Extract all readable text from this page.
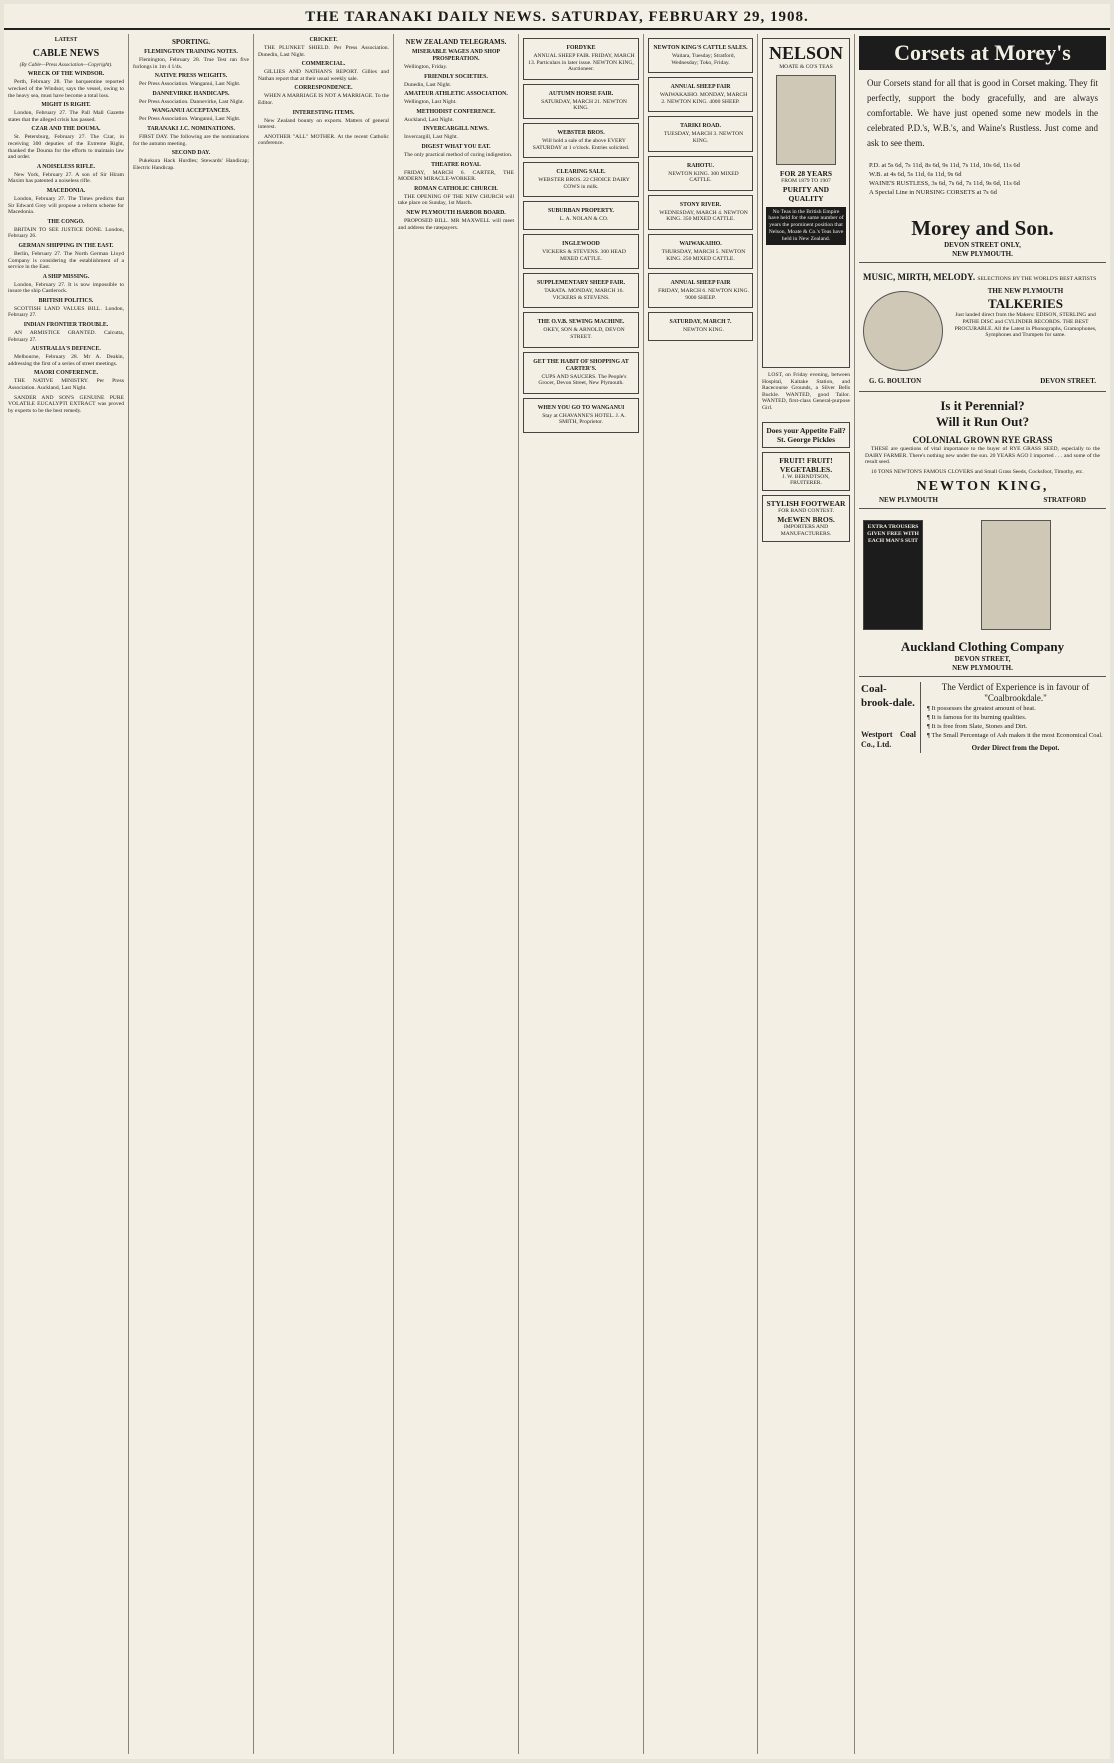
THE TARANAKI DAILY NEWS. SATURDAY, FEBRUARY 29, 1908.
LATEST
CABLE NEWS

(By Cable—Press Association—Copyright).

WRECK OF THE WINDSOR.

Perth, February 28. The barquentine reported wrecked of the Windsor, says the vessel, owing to the heavy sea, must have become a total loss.

MIGHT IS RIGHT.

London, February 27. The Pall Mall Gazette states that the alleged crisis has passed.

CZAR AND THE DOUMA.

St. Petersburg, February 27. The Czar, in receiving 300 deputies of the Extreme Right, thanked the Douma for the efforts to maintain law and order.

A NOISELESS RIFLE.

New York, February 27. A son of Sir Hiram Maxim has patented a noiseless rifle.

MACEDONIA.

London, February 27. The Times predicts that Sir Edward Grey will propose a reform scheme for Macedonia.

THE CONGO.

BRITAIN TO SEE JUSTICE DONE. London, February 26.

GERMAN SHIPPING IN THE EAST.

Berlin, February 27. The North German Lloyd Company is considering the establishment of a service in the East.

A SHIP MISSING.

London, February 27. It is now impossible to insure the ship Castlerock.

BRITISH POLITICS.

SCOTTISH LAND VALUES BILL. London, February 27.

INDIAN FRONTIER TROUBLE.

AN ARMISTICE GRANTED. Calcutta, February 27.

AUSTRALIA'S DEFENCE.

Melbourne, February 28. Mr A. Deakin, addressing the first of a series of street meetings.

MAORI CONFERENCE.

THE NATIVE MINISTRY. Per Press Association. Auckland, Last Night.

SANDER AND SON'S GENUINE PURE VOLATILE EUCALYPTI EXTRACT was proved by experts to be the best remedy.

SPORTING.
FLEMINGTON TRAINING NOTES.

Flemington, February 28. True Test ran five furlongs in 1m 4 1/4s.

NATIVE PRESS WEIGHTS.

Per Press Association. Wanganui, Last Night.

DANNEVIRKE HANDICAPS.

Per Press Association. Dannevirke, Last Night.

WANGANUI ACCEPTANCES.

Per Press Association. Wanganui, Last Night.

TARANAKI J.C. NOMINATIONS.

FIRST DAY. The following are the nominations for the autumn meeting.

SECOND DAY.

Pukekura Hack Hurdles; Stewards' Handicap; Electric Handicap.

CRICKET.

THE PLUNKET SHIELD. Per Press Association. Dunedin, Last Night.

COMMERCIAL.

GILLIES AND NATHAN'S REPORT. Gillies and Nathan report that at their usual weekly sale.

CORRESPONDENCE.

WHEN A MARRIAGE IS NOT A MARRIAGE. To the Editor.

INTERESTING ITEMS.

New Zealand bounty on exports. Matters of general interest.

ANOTHER "ALL" MOTHER. At the recent Catholic conference.

NEW ZEALAND TELEGRAMS.
MISERABLE WAGES AND SHOP PROSPERATION.

Wellington, Friday.

FRIENDLY SOCIETIES.

Dunedin, Last Night.

AMATEUR ATHLETIC ASSOCIATION.

Wellington, Last Night.

METHODIST CONFERENCE.

Auckland, Last Night.

INVERCARGILL NEWS.

Invercargill, Last Night.

DIGEST WHAT YOU EAT.

The only practical method of curing indigestion.

THEATRE ROYAL

FRIDAY, MARCH 6. CARTER, THE MODERN MIRACLE-WORKER.

ROMAN CATHOLIC CHURCH.

THE OPENING OF THE NEW CHURCH will take place on Sunday, 1st March.

NEW PLYMOUTH HARBOR BOARD.

PROPOSED BILL. MR MAXWELL will meet and address the ratepayers.

FORDYKE

ANNUAL SHEEP FAIR. FRIDAY, MARCH 13. Particulars in later issue. NEWTON KING, Auctioneer.

AUTUMN HORSE FAIR.

SATURDAY, MARCH 21. NEWTON KING.

WEBSTER BROS.

Will hold a sale of the above EVERY SATURDAY at 1 o'clock. Entries solicited.

CLEARING SALE.

WEBSTER BROS. 22 CHOICE DAIRY COWS in milk.

SUBURBAN PROPERTY.

L. A. NOLAN & CO.

INGLEWOOD

VICKERS & STEVENS. 300 HEAD MIXED CATTLE.

SUPPLEMENTARY SHEEP FAIR.

TARATA. MONDAY, MARCH 16. VICKERS & STEVENS.

THE O.V.B. SEWING MACHINE.

OKEY, SON & ARNOLD, DEVON STREET.

GET THE HABIT OF SHOPPING AT CARTER'S.

CUPS AND SAUCERS. The People's Grocer, Devon Street, New Plymouth.

WHEN YOU GO TO WANGANUI

Stay at CHAVANNE'S HOTEL. J. A. SMITH, Proprietor.

NEWTON KING'S CATTLE SALES.

Waitara, Tuesday; Stratford, Wednesday; Toko, Friday.

ANNUAL SHEEP FAIR

WAIWAKAIHO. MONDAY, MARCH 2. NEWTON KING. 4000 SHEEP.

TARIKI ROAD.

TUESDAY, MARCH 3. NEWTON KING.

RAHOTU.

NEWTON KING. 300 MIXED CATTLE.

STONY RIVER.

WEDNESDAY, MARCH 4. NEWTON KING. 350 MIXED CATTLE.

WAIWAKAIHO.

THURSDAY, MARCH 5. NEWTON KING. 250 MIXED CATTLE.

ANNUAL SHEEP FAIR

FRIDAY, MARCH 6. NEWTON KING. 9000 SHEEP.

SATURDAY, MARCH 7.

NEWTON KING.

NELSON
MOATE & CO'S TEAS
FOR 28 YEARS
FROM 1879 TO 1907
PURITY AND QUALITY
No Teas in the British Empire have held for the same number of years the prominent position that Nelson, Moate & Co.'s Teas have held in New Zealand.

LOST, on Friday evening, between Hospital, Kaitake Station, and Racecourse Grounds, a Silver Bells Buckle. WANTED, good Tailor. WANTED, first-class General-purpose Girl.

Does your Appetite Fail?
St. George Pickles
FRUIT! FRUIT! VEGETABLES.
J. W. BERNDTSON, FRUITERER.
STYLISH FOOTWEAR
FOR BAND CONTEST.
McEWEN BROS.
IMPORTERS AND MANUFACTURERS.
Corsets at Morey's
Our Corsets stand for all that is good in Corset making. They fit perfectly, support the body gracefully, and are always comfortable. We have just opened some new models in the celebrated P.D.'s, W.B.'s, and Waine's Rustless. Just come and ask to see them.
P.D. at 5s 6d, 7s 11d, 8s 6d, 9s 11d, 7s 11d, 10s 6d, 11s 6d
W.B. at 4s 6d, 5s 11d, 6s 11d, 9s 6d
WAINE'S RUSTLESS, 3s 6d, 7s 6d, 7s 11d, 9s 6d, 11s 6d
A Special Line in NURSING CORSETS at 7s 6d
Morey and Son.
DEVON STREET ONLY,
NEW PLYMOUTH.
MUSIC, MIRTH, MELODY. SELECTIONS BY THE WORLD'S BEST ARTISTS
THE NEW PLYMOUTH
TALKERIES
Just landed direct from the Makers: EDISON, STERLING and PATHE DISC and CYLINDER RECORDS. THE BEST PROCURABLE. All the Latest in Phonographs, Gramophones, Symphones and Trumpets for same.
G. G. BOULTON	DEVON STREET.
Is it Perennial?
Will it Run Out?
COLONIAL GROWN RYE GRASS

THESE are questions of vital importance to the buyer of RYE GRASS SEED, especially to the DAIRY FARMER. There's nothing new under the sun. 20 YEARS AGO I imported . . . and some of the result seed.

10 TONS NEWTON'S FAMOUS CLOVERS and Small Grass Seeds, Cocksfoot, Timothy, etc.

NEWTON KING,
NEW PLYMOUTH	STRATFORD
EXTRA TROUSERS GIVEN FREE WITH EACH MAN'S SUIT
Auckland Clothing Company
DEVON STREET,
NEW PLYMOUTH.
Coal-brook-dale.
Westport Coal Co., Ltd.
The Verdict of Experience is in favour of "Coalbrookdale."
¶ It possesses the greatest amount of heat.
¶ It is famous for its burning qualities.
¶ It is free from Slate, Stones and Dirt.
¶ The Small Percentage of Ash makes it the most Economical Coal.
Order Direct from the Depot.
